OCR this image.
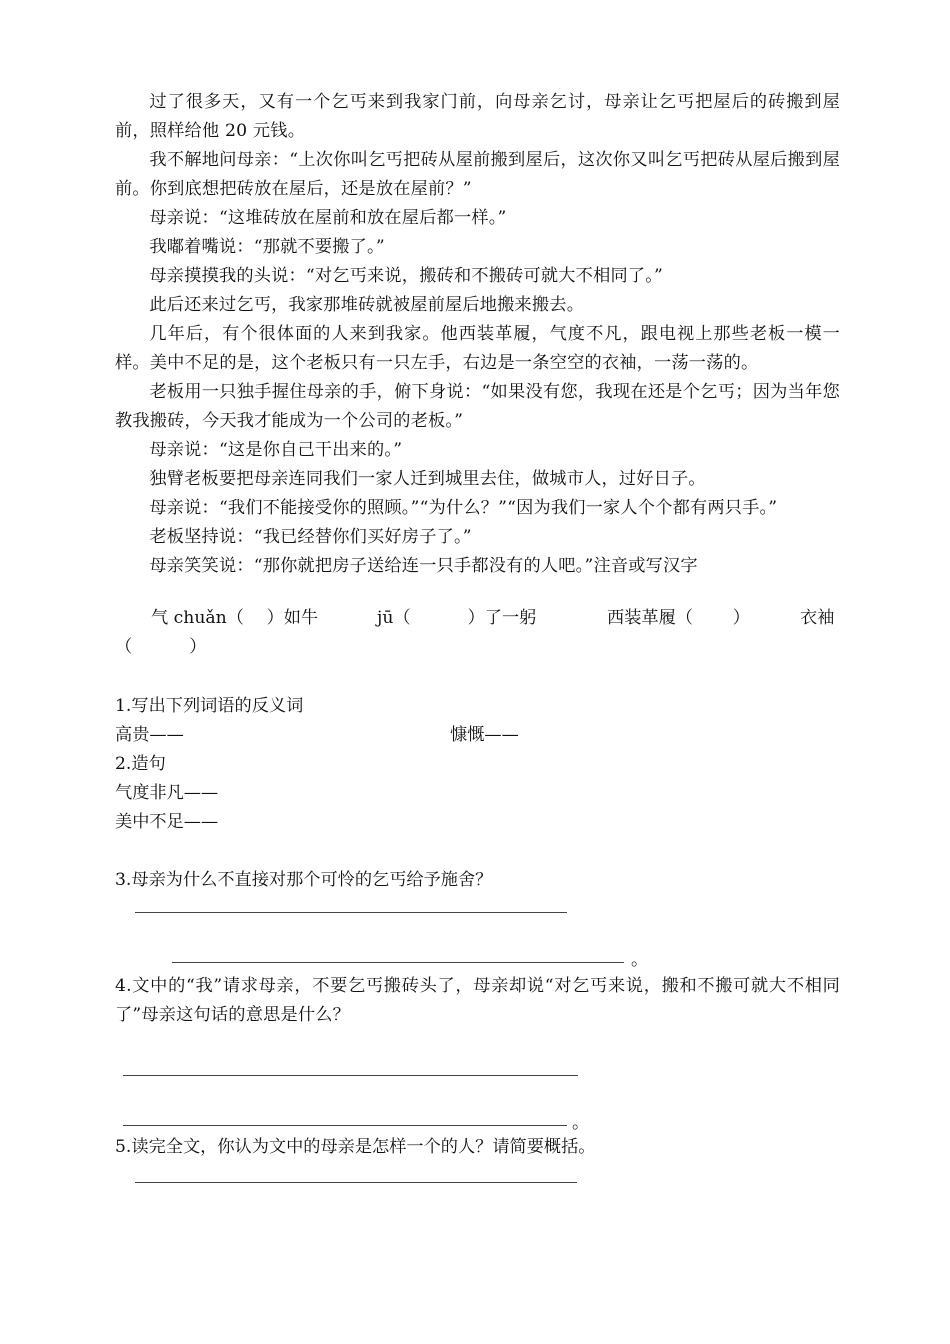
过了很多天，又有一个乞丐来到我家门前，向母亲乞讨，母亲让乞丐把屋后的砖搬到屋前，照样给他 20 元钱。

我不解地问母亲：“上次你叫乞丐把砖从屋前搬到屋后，这次你又叫乞丐把砖从屋后搬到屋前。你到底想把砖放在屋后，还是放在屋前？”

母亲说：“这堆砖放在屋前和放在屋后都一样。”

我嘟着嘴说：“那就不要搬了。”

母亲摸摸我的头说：“对乞丐来说，搬砖和不搬砖可就大不相同了。”

此后还来过乞丐，我家那堆砖就被屋前屋后地搬来搬去。

几年后，有个很体面的人来到我家。他西装革履，气度不凡，跟电视上那些老板一模一样。美中不足的是，这个老板只有一只左手，右边是一条空空的衣袖，一荡一荡的。

老板用一只独手握住母亲的手，俯下身说：“如果没有您，我现在还是个乞丐；因为当年您教我搬砖，今天我才能成为一个公司的老板。”

母亲说：“这是你自己干出来的。”

独臂老板要把母亲连同我们一家人迁到城里去住，做城市人，过好日子。

母亲说：“我们不能接受你的照顾。”“为什么？”“因为我们一家人个个都有两只手。”

老板坚持说：“我已经替你们买好房子了。”

母亲笑笑说：“那你就把房子送给连一只手都没有的人吧。”注音或写汉字

气 chuǎn（　 ）如牛	jū（　　　 ）了一躬	西装革履（　　 ）	衣袖
（　　　 ）
1.写出下列词语的反义词
高贵——	慷慨——
2.造句
气度非凡——
美中不足——
3.母亲为什么不直接对那个可怜的乞丐给予施舍？
。

4.文中的“我”请求母亲，不要乞丐搬砖头了，母亲却说“对乞丐来说，搬和不搬可就大不相同了”母亲这句话的意思是什么？

。
5.读完全文，你认为文中的母亲是怎样一个的人？请简要概括。
